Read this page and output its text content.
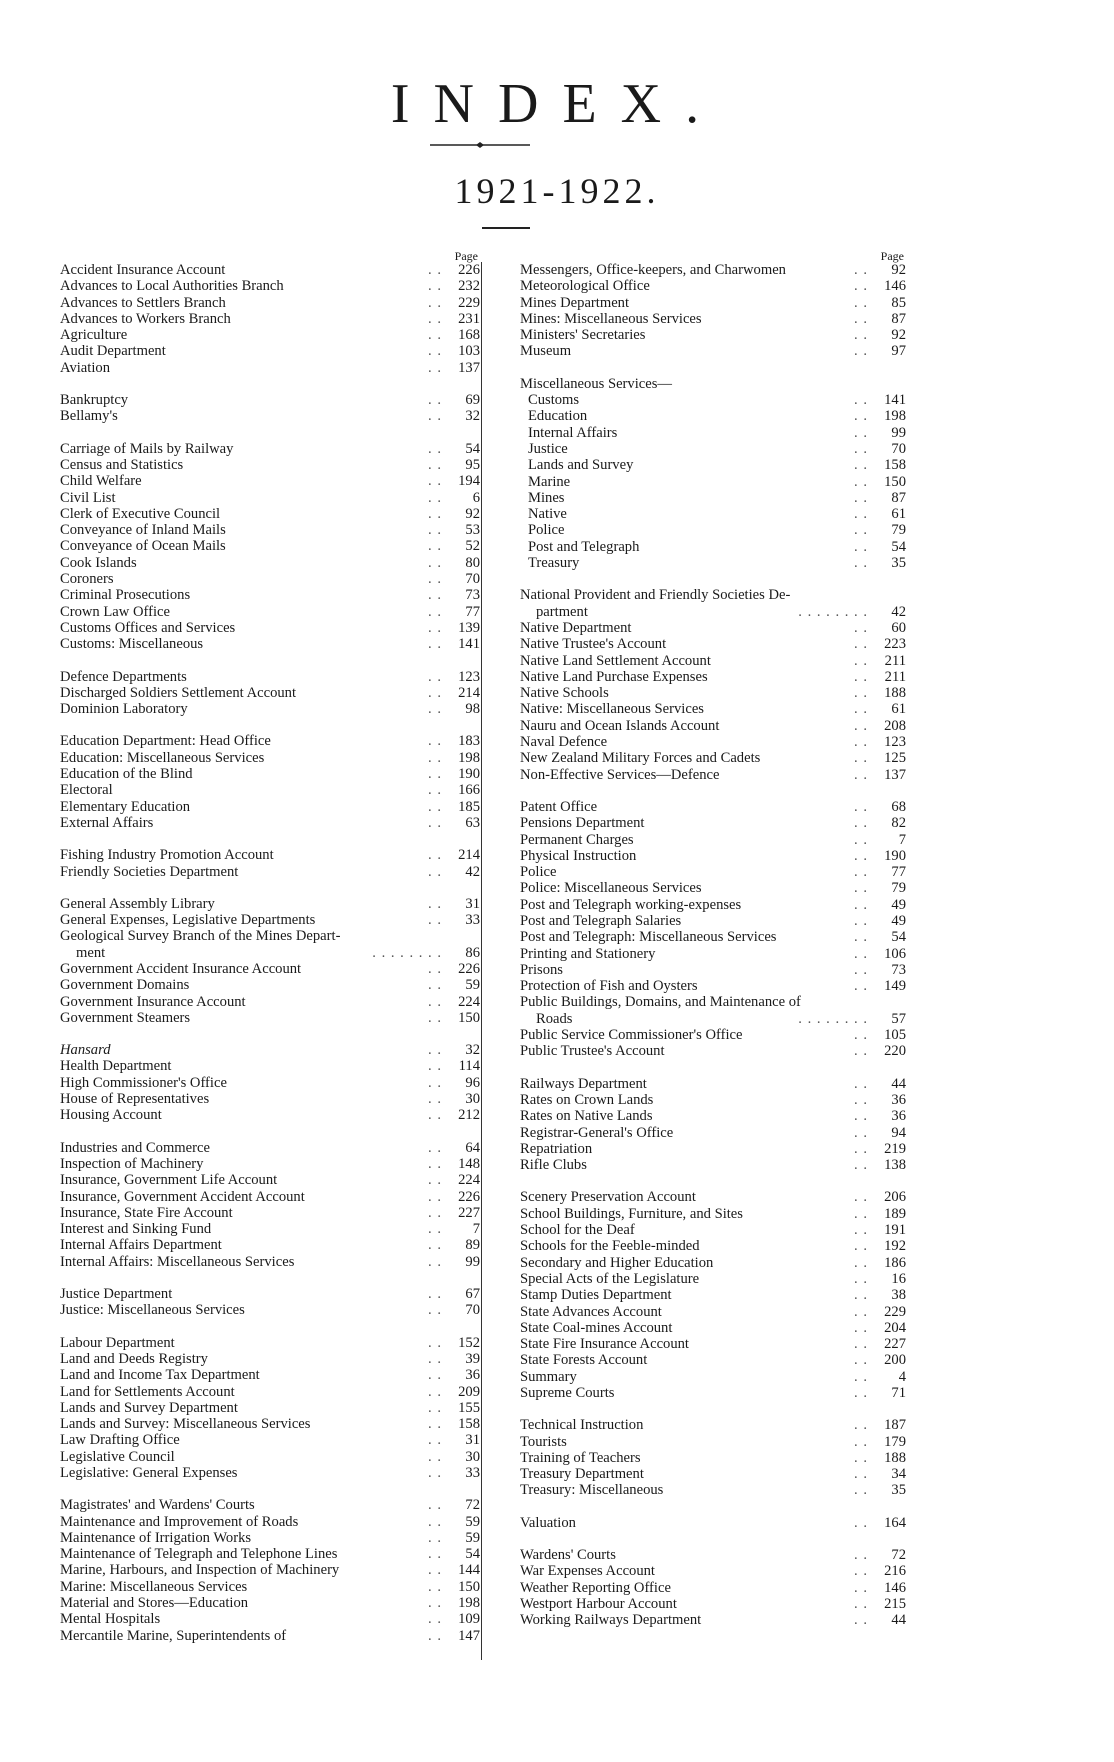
INDEX.
1921-1922.
Page
Accident Insurance Account	. .	226
Advances to Local Authorities Branch	. .	232
Advances to Settlers Branch	. .	229
Advances to Workers Branch	. .	231
Agriculture	. .	168
Audit Department	. .	103
Aviation	. .	137
Bankruptcy	. .	69
Bellamy's	. .	32
Carriage of Mails by Railway	. .	54
Census and Statistics	. .	95
Child Welfare	. .	194
Civil List	. .	6
Clerk of Executive Council	. .	92
Conveyance of Inland Mails	. .	53
Conveyance of Ocean Mails	. .	52
Cook Islands	. .	80
Coroners	. .	70
Criminal Prosecutions	. .	73
Crown Law Office	. .	77
Customs Offices and Services	. .	139
Customs: Miscellaneous	. .	141
Defence Departments	. .	123
Discharged Soldiers Settlement Account	. .	214
Dominion Laboratory	. .	98
Education Department: Head Office	. .	183
Education: Miscellaneous Services	. .	198
Education of the Blind	. .	190
Electoral	. .	166
Elementary Education	. .	185
External Affairs	. .	63
Fishing Industry Promotion Account	. .	214
Friendly Societies Department	. .	42
General Assembly Library	. .	31
General Expenses, Legislative Departments	. .	33
Geological Survey Branch of the Mines Depart-
ment	. . . . . . . .	86
Government Accident Insurance Account	. .	226
Government Domains	. .	59
Government Insurance Account	. .	224
Government Steamers	. .	150
Hansard	. .	32
Health Department	. .	114
High Commissioner's Office	. .	96
House of Representatives	. .	30
Housing Account	. .	212
Industries and Commerce	. .	64
Inspection of Machinery	. .	148
Insurance, Government Life Account	. .	224
Insurance, Government Accident Account	. .	226
Insurance, State Fire Account	. .	227
Interest and Sinking Fund	. .	7
Internal Affairs Department	. .	89
Internal Affairs: Miscellaneous Services	. .	99
Justice Department	. .	67
Justice: Miscellaneous Services	. .	70
Labour Department	. .	152
Land and Deeds Registry	. .	39
Land and Income Tax Department	. .	36
Land for Settlements Account	. .	209
Lands and Survey Department	. .	155
Lands and Survey: Miscellaneous Services	. .	158
Law Drafting Office	. .	31
Legislative Council	. .	30
Legislative: General Expenses	. .	33
Magistrates' and Wardens' Courts	. .	72
Maintenance and Improvement of Roads	. .	59
Maintenance of Irrigation Works	. .	59
Maintenance of Telegraph and Telephone Lines	. .	54
Marine, Harbours, and Inspection of Machinery	. .	144
Marine: Miscellaneous Services	. .	150
Material and Stores—Education	. .	198
Mental Hospitals	. .	109
Mercantile Marine, Superintendents of	. .	147
Page
Messengers, Office-keepers, and Charwomen	. .	92
Meteorological Office	. .	146
Mines Department	. .	85
Mines: Miscellaneous Services	. .	87
Ministers' Secretaries	. .	92
Museum	. .	97
Miscellaneous Services—
Customs	. .	141
Education	. .	198
Internal Affairs	. .	99
Justice	. .	70
Lands and Survey	. .	158
Marine	. .	150
Mines	. .	87
Native	. .	61
Police	. .	79
Post and Telegraph	. .	54
Treasury	. .	35
National Provident and Friendly Societies De-
partment	. . . . . . . .	42
Native Department	. .	60
Native Trustee's Account	. .	223
Native Land Settlement Account	. .	211
Native Land Purchase Expenses	. .	211
Native Schools	. .	188
Native: Miscellaneous Services	. .	61
Nauru and Ocean Islands Account	. .	208
Naval Defence	. .	123
New Zealand Military Forces and Cadets	. .	125
Non-Effective Services—Defence	. .	137
Patent Office	. .	68
Pensions Department	. .	82
Permanent Charges	. .	7
Physical Instruction	. .	190
Police	. .	77
Police: Miscellaneous Services	. .	79
Post and Telegraph working-expenses	. .	49
Post and Telegraph Salaries	. .	49
Post and Telegraph: Miscellaneous Services	. .	54
Printing and Stationery	. .	106
Prisons	. .	73
Protection of Fish and Oysters	. .	149
Public Buildings, Domains, and Maintenance of
Roads	. . . . . . . .	57
Public Service Commissioner's Office	. .	105
Public Trustee's Account	. .	220
Railways Department	. .	44
Rates on Crown Lands	. .	36
Rates on Native Lands	. .	36
Registrar-General's Office	. .	94
Repatriation	. .	219
Rifle Clubs	. .	138
Scenery Preservation Account	. .	206
School Buildings, Furniture, and Sites	. .	189
School for the Deaf	. .	191
Schools for the Feeble-minded	. .	192
Secondary and Higher Education	. .	186
Special Acts of the Legislature	. .	16
Stamp Duties Department	. .	38
State Advances Account	. .	229
State Coal-mines Account	. .	204
State Fire Insurance Account	. .	227
State Forests Account	. .	200
Summary	. .	4
Supreme Courts	. .	71
Technical Instruction	. .	187
Tourists	. .	179
Training of Teachers	. .	188
Treasury Department	. .	34
Treasury: Miscellaneous	. .	35
Valuation	. .	164
Wardens' Courts	. .	72
War Expenses Account	. .	216
Weather Reporting Office	. .	146
Westport Harbour Account	. .	215
Working Railways Department	. .	44
